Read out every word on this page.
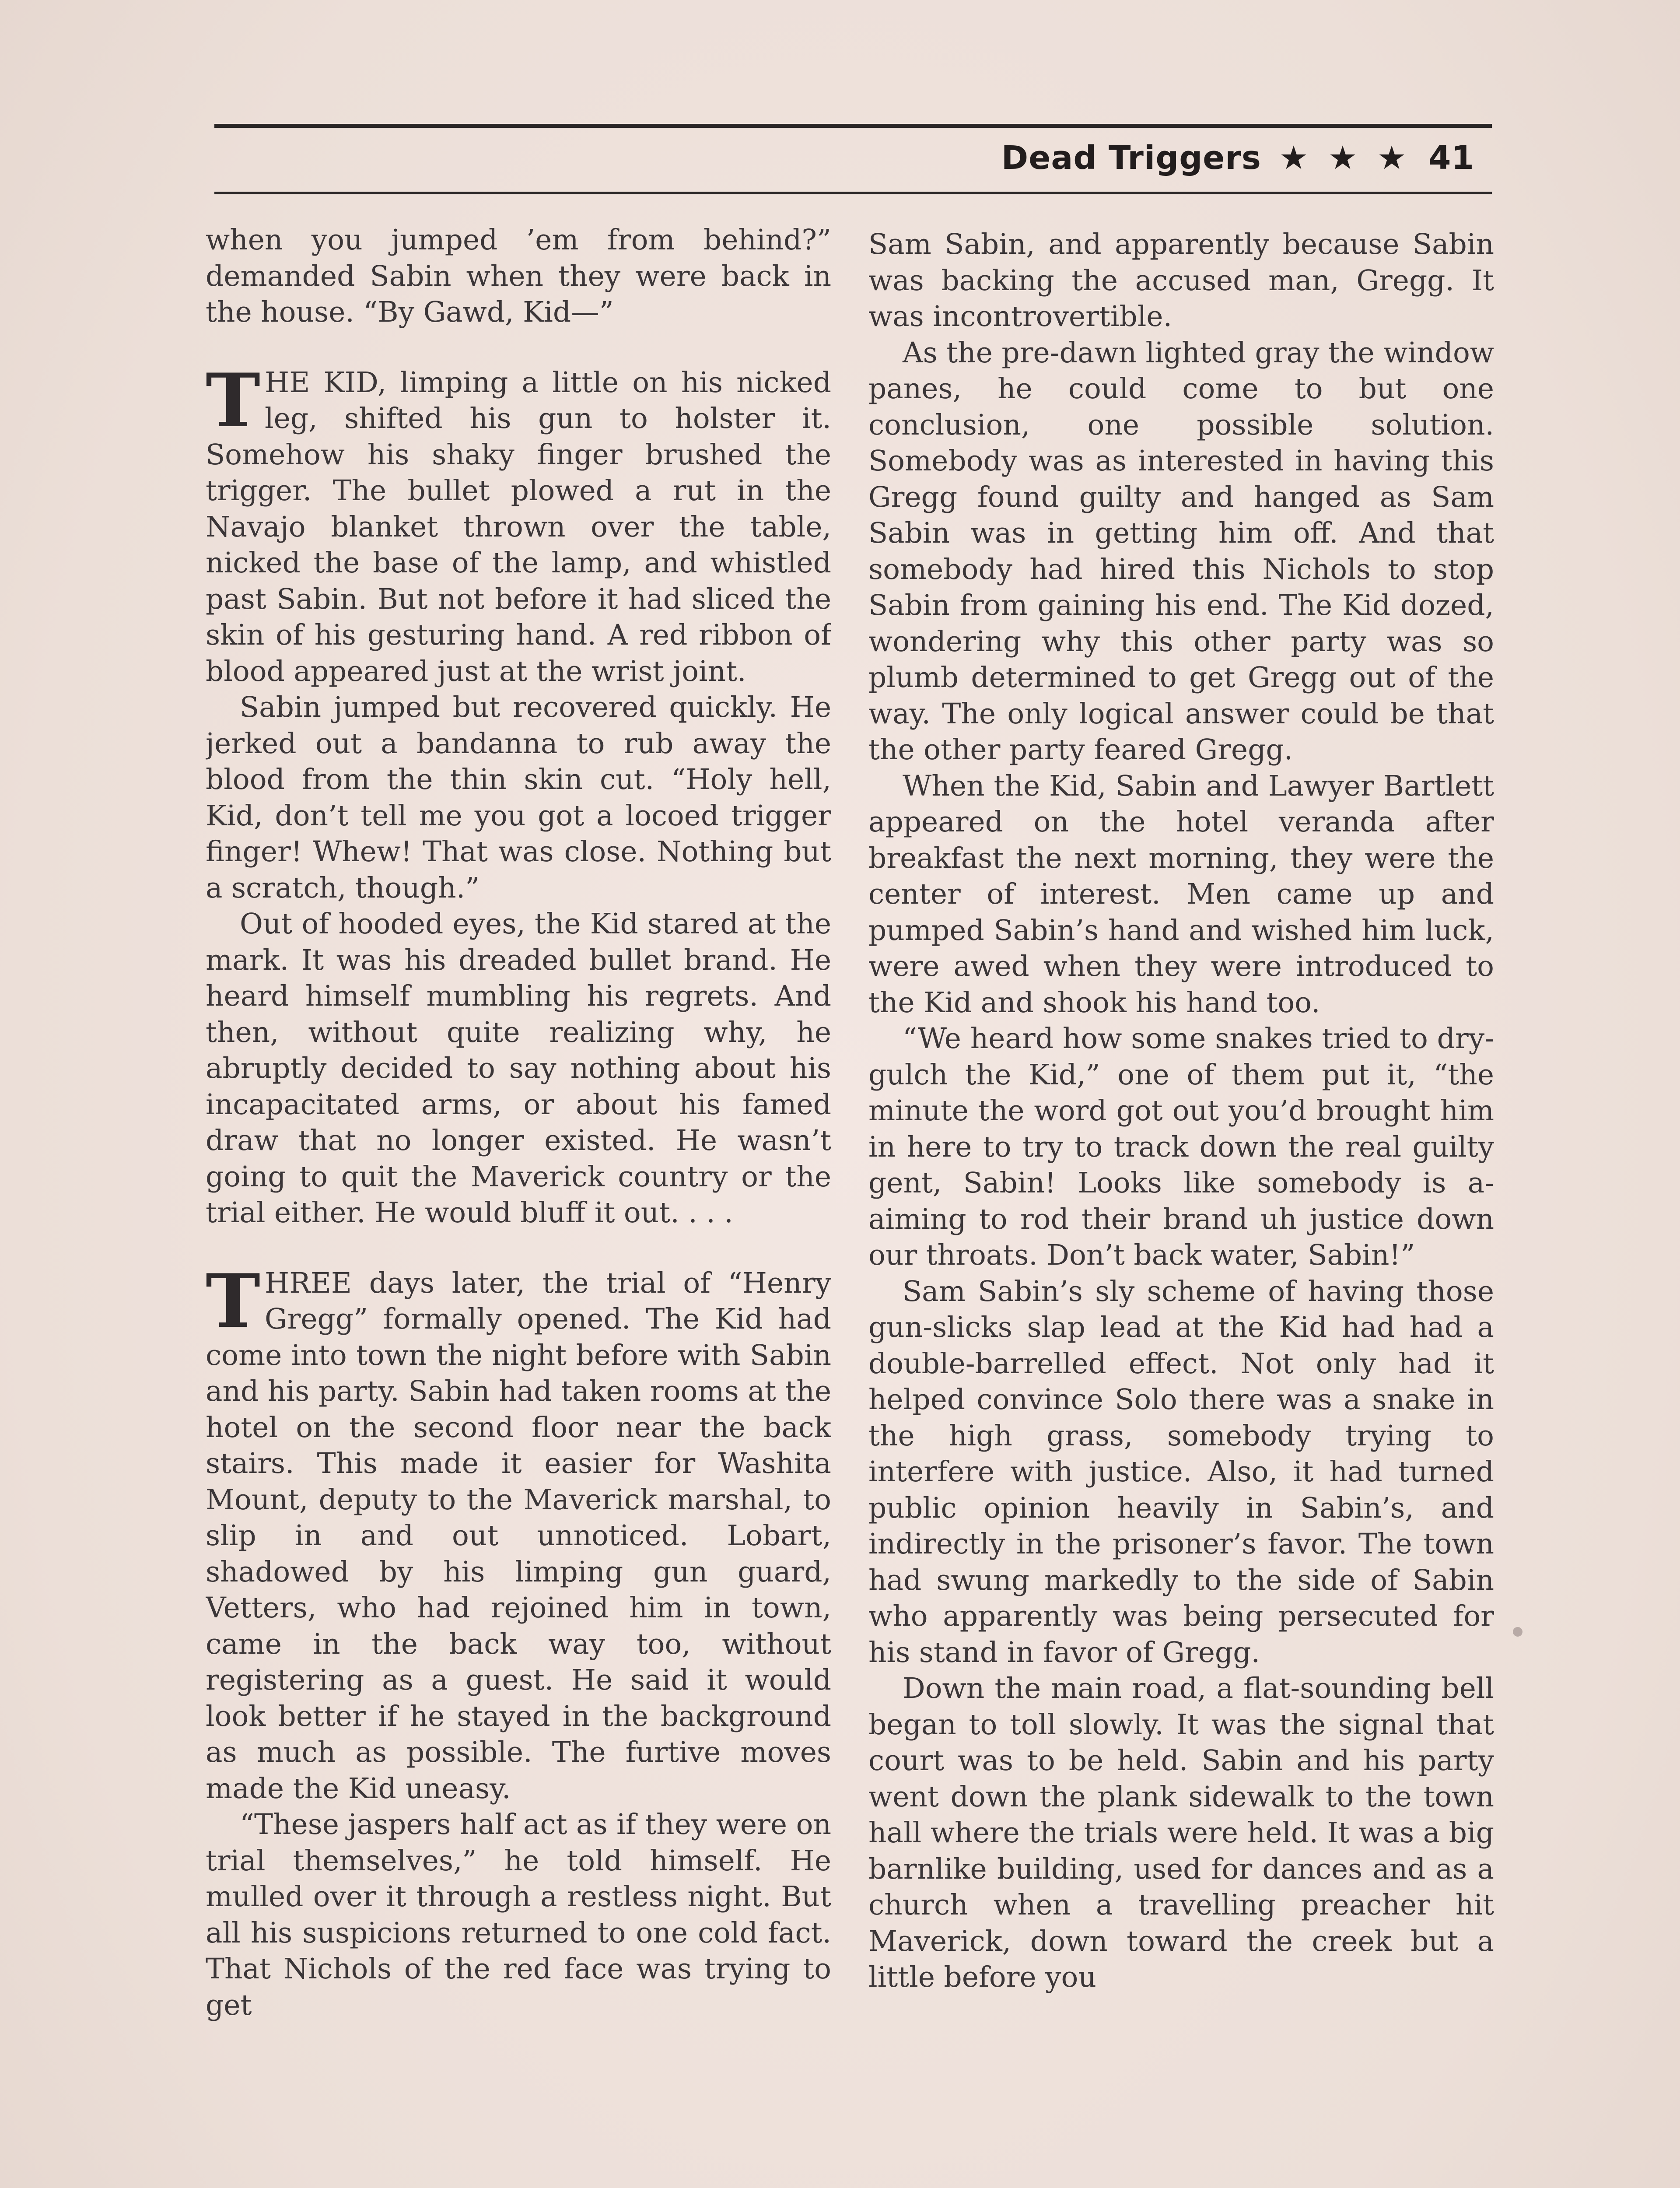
Dead Triggers ★ ★ ★ 41

when you jumped ’em from behind?” demanded Sabin when they were back in the house. “By Gawd, Kid—”

THE KID, limping a little on his nicked leg, shifted his gun to holster it. Somehow his shaky finger brushed the trigger. The bullet plowed a rut in the Navajo blanket thrown over the table, nicked the base of the lamp, and whistled past Sabin. But not before it had sliced the skin of his gesturing hand. A red ribbon of blood appeared just at the wrist joint.

Sabin jumped but recovered quickly. He jerked out a bandanna to rub away the blood from the thin skin cut. “Holy hell, Kid, don’t tell me you got a locoed trigger finger! Whew! That was close. Nothing but a scratch, though.”

Out of hooded eyes, the Kid stared at the mark. It was his dreaded bullet brand. He heard himself mumbling his regrets. And then, without quite realizing why, he abruptly decided to say nothing about his incapacitated arms, or about his famed draw that no longer existed. He wasn’t going to quit the Maverick country or the trial either. He would bluff it out. . . .

THREE days later, the trial of “Henry Gregg” formally opened. The Kid had come into town the night before with Sabin and his party. Sabin had taken rooms at the hotel on the second floor near the back stairs. This made it easier for Washita Mount, deputy to the Maverick marshal, to slip in and out unnoticed. Lobart, shadowed by his limping gun guard, Vetters, who had rejoined him in town, came in the back way too, without registering as a guest. He said it would look better if he stayed in the background as much as possible. The furtive moves made the Kid uneasy.

“These jaspers half act as if they were on trial themselves,” he told himself. He mulled over it through a restless night. But all his suspicions returned to one cold fact. That Nichols of the red face was trying to get

Sam Sabin, and apparently because Sabin was backing the accused man, Gregg. It was incontrovertible.

As the pre-dawn lighted gray the window panes, he could come to but one conclusion, one possible solution. Somebody was as interested in having this Gregg found guilty and hanged as Sam Sabin was in getting him off. And that somebody had hired this Nichols to stop Sabin from gaining his end. The Kid dozed, wondering why this other party was so plumb determined to get Gregg out of the way. The only logical answer could be that the other party feared Gregg.

When the Kid, Sabin and Lawyer Bartlett appeared on the hotel veranda after breakfast the next morning, they were the center of interest. Men came up and pumped Sabin’s hand and wished him luck, were awed when they were introduced to the Kid and shook his hand too.

“We heard how some snakes tried to dry-gulch the Kid,” one of them put it, “the minute the word got out you’d brought him in here to try to track down the real guilty gent, Sabin! Looks like somebody is a-aiming to rod their brand uh justice down our throats. Don’t back water, Sabin!”

Sam Sabin’s sly scheme of having those gun-slicks slap lead at the Kid had had a double-barrelled effect. Not only had it helped convince Solo there was a snake in the high grass, somebody trying to interfere with justice. Also, it had turned public opinion heavily in Sabin’s, and indirectly in the prisoner’s favor. The town had swung markedly to the side of Sabin who apparently was being persecuted for his stand in favor of Gregg.

Down the main road, a flat-sounding bell began to toll slowly. It was the signal that court was to be held. Sabin and his party went down the plank sidewalk to the town hall where the trials were held. It was a big barnlike building, used for dances and as a church when a travelling preacher hit Maverick, down toward the creek but a little before you
